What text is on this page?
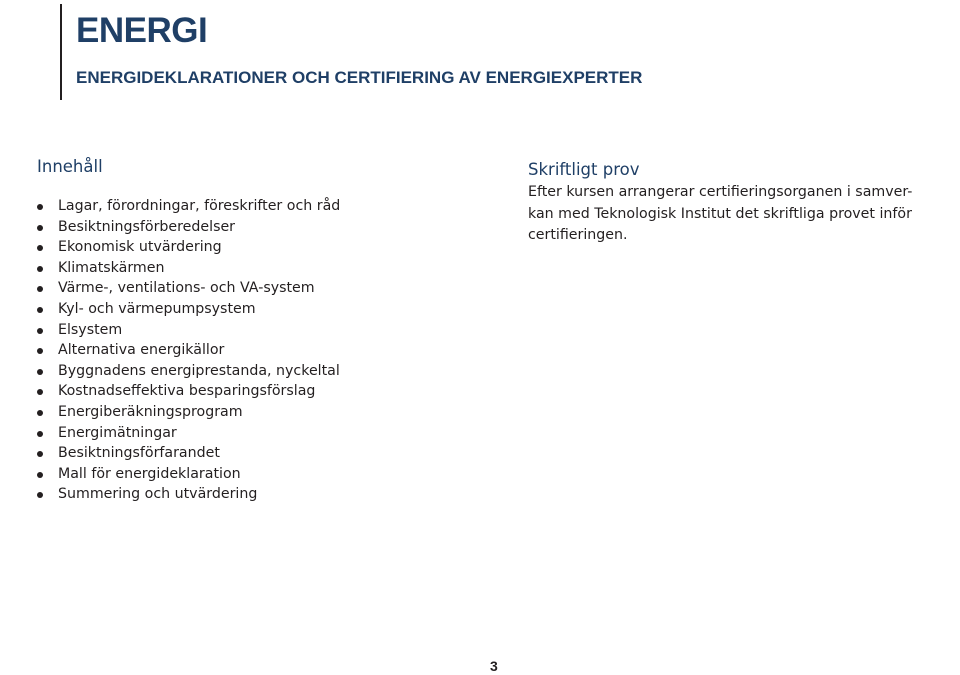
ENERGI
ENERGIDEKLARATIONER OCH CERTIFIERING AV ENERGIEXPERTER
Innehåll
Lagar, förordningar, föreskrifter och råd
Besiktningsförberedelser
Ekonomisk utvärdering
Klimatskärmen
Värme-, ventilations- och VA-system
Kyl- och värmepumpsystem
Elsystem
Alternativa energikällor
Byggnadens energiprestanda, nyckeltal
Kostnadseffektiva besparingsförslag
Energiberäkningsprogram
Energimätningar
Besiktningsförfarandet
Mall för energideklaration
Summering och utvärdering
Skriftligt prov

Efter kursen arrangerar certifieringsorganen i samver-
kan med Teknologisk Institut det skriftliga provet inför
certifieringen.

3
